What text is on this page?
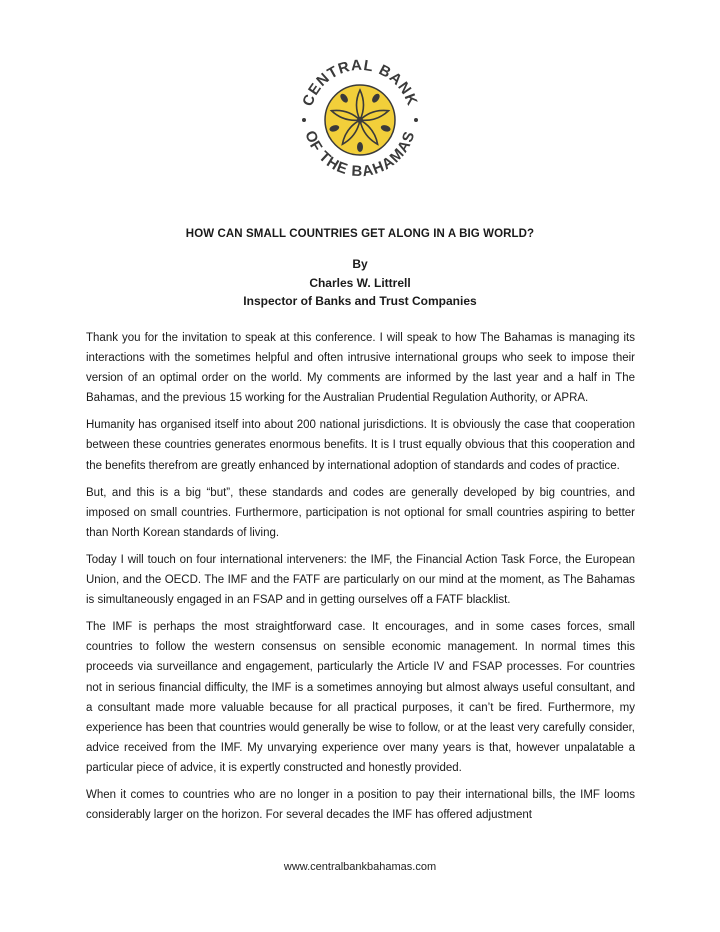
CENTRAL BANK
OF THE BAHAMAS
HOW CAN SMALL COUNTRIES GET ALONG IN A BIG WORLD?
By
Charles W. Littrell
Inspector of Banks and Trust Companies

Thank you for the invitation to speak at this conference. I will speak to how The Bahamas is managing its interactions with the sometimes helpful and often intrusive international groups who seek to impose their version of an optimal order on the world. My comments are informed by the last year and a half in The Bahamas, and the previous 15 working for the Australian Prudential Regulation Authority, or APRA.

Humanity has organised itself into about 200 national jurisdictions. It is obviously the case that cooperation between these countries generates enormous benefits. It is I trust equally obvious that this cooperation and the benefits therefrom are greatly enhanced by international adoption of standards and codes of practice.

But, and this is a big “but”, these standards and codes are generally developed by big countries, and imposed on small countries. Furthermore, participation is not optional for small countries aspiring to better than North Korean standards of living.

Today I will touch on four international interveners: the IMF, the Financial Action Task Force, the European Union, and the OECD. The IMF and the FATF are particularly on our mind at the moment, as The Bahamas is simultaneously engaged in an FSAP and in getting ourselves off a FATF blacklist.

The IMF is perhaps the most straightforward case. It encourages, and in some cases forces, small countries to follow the western consensus on sensible economic management. In normal times this proceeds via surveillance and engagement, particularly the Article IV and FSAP processes. For countries not in serious financial difficulty, the IMF is a sometimes annoying but almost always useful consultant, and a consultant made more valuable because for all practical purposes, it can’t be fired. Furthermore, my experience has been that countries would generally be wise to follow, or at the least very carefully consider, advice received from the IMF. My unvarying experience over many years is that, however unpalatable a particular piece of advice, it is expertly constructed and honestly provided.

When it comes to countries who are no longer in a position to pay their international bills, the IMF looms considerably larger on the horizon. For several decades the IMF has offered adjustment

www.centralbankbahamas.com
